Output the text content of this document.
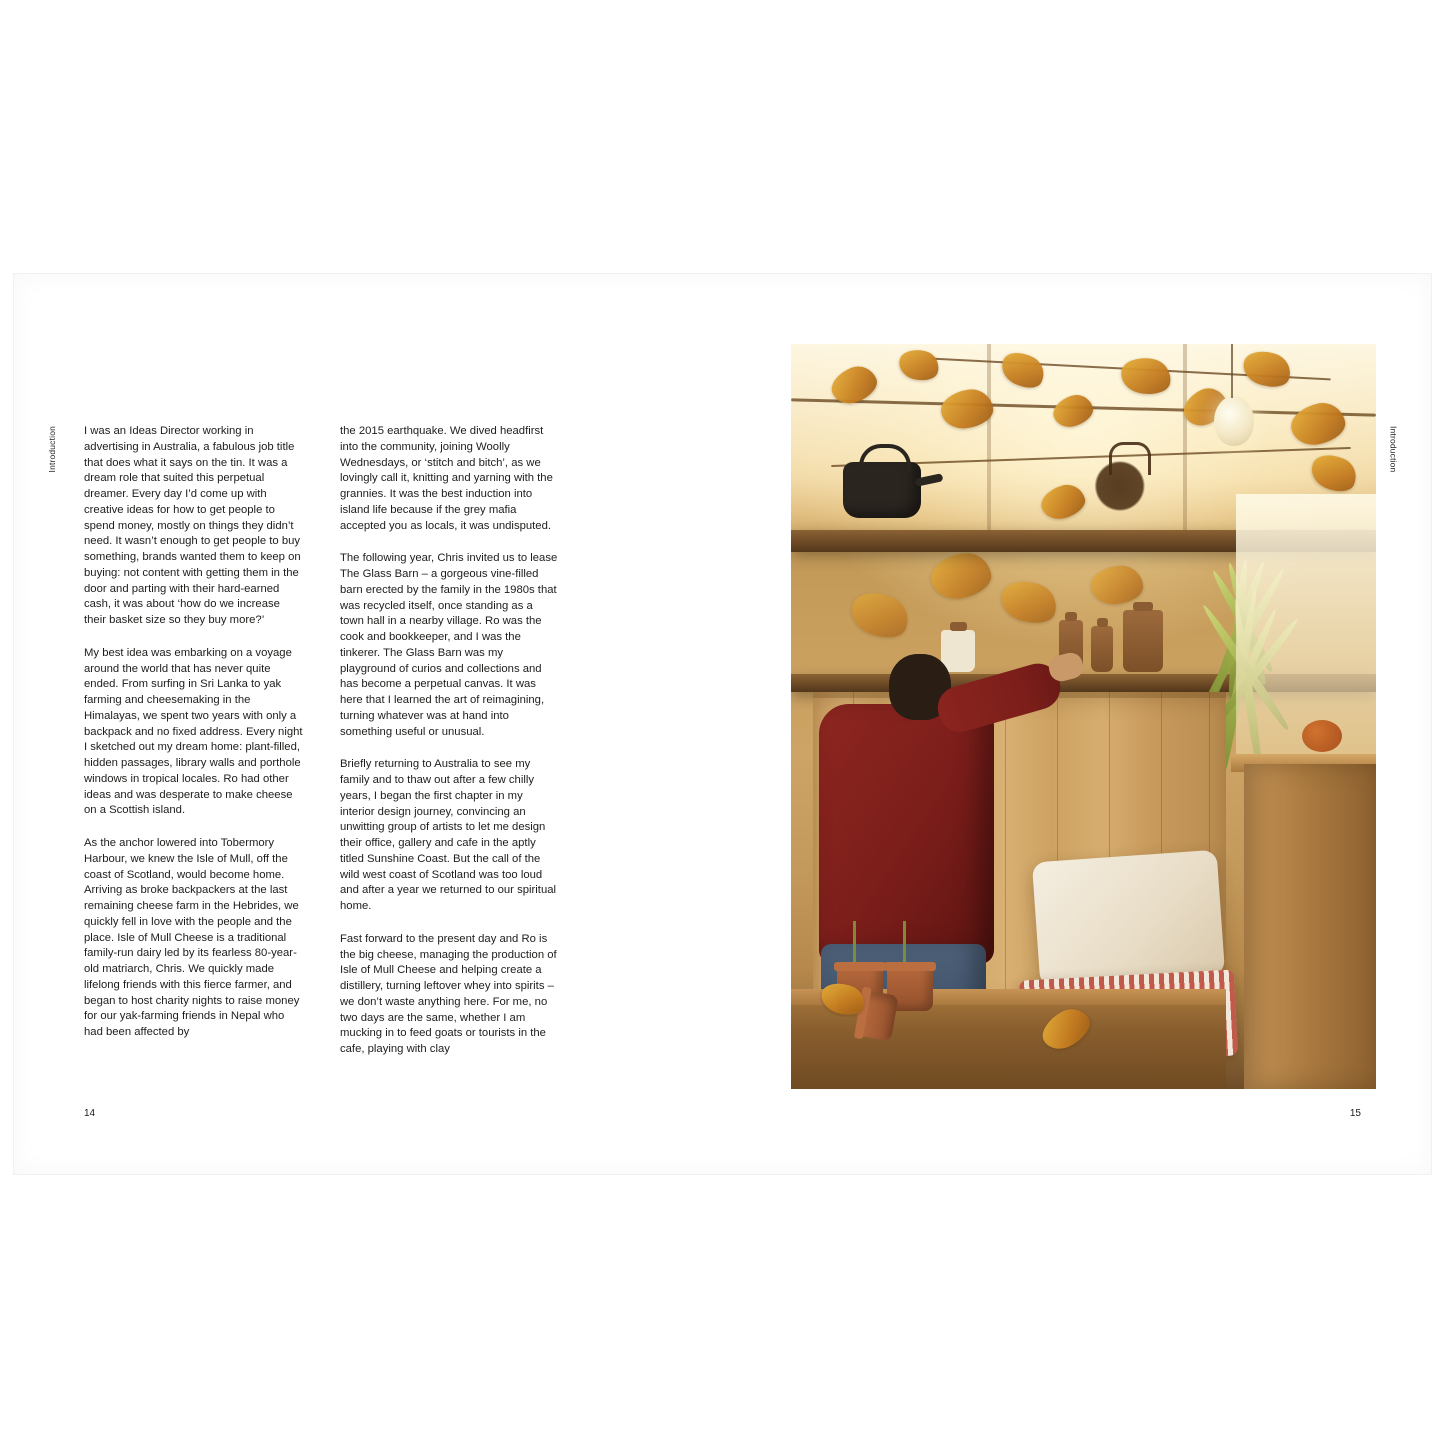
Introduction I was an Ideas Director working in advertising in Australia, a fabulous job title that does what it says on the tin. It was a dream role that suited this perpetual dreamer. Every day I’d come up with creative ideas for how to get people to spend money, mostly on things they didn’t need. It wasn’t enough to get people to buy something, brands wanted them to keep on buying: not content with getting them in the door and parting with their hard-earned cash, it was about ‘how do we increase their basket size so they buy more?’

My best idea was embarking on a voyage around the world that has never quite ended. From surfing in Sri Lanka to yak farming and cheesemaking in the Himalayas, we spent two years with only a backpack and no fixed address. Every night I sketched out my dream home: plant-filled, hidden passages, library walls and porthole windows in tropical locales. Ro had other ideas and was desperate to make cheese on a Scottish island.

As the anchor lowered into Tobermory Harbour, we knew the Isle of Mull, off the coast of Scotland, would become home. Arriving as broke backpackers at the last remaining cheese farm in the Hebrides, we quickly fell in love with the people and the place. Isle of Mull Cheese is a traditional family-run dairy led by its fearless 80-year-old matriarch, Chris. We quickly made lifelong friends with this fierce farmer, and began to host charity nights to raise money for our yak-farming friends in Nepal who had been affected by

the 2015 earthquake. We dived headfirst into the community, joining Woolly Wednesdays, or ‘stitch and bitch’, as we lovingly call it, knitting and yarning with the grannies. It was the best induction into island life because if the grey mafia accepted you as locals, it was undisputed.

The following year, Chris invited us to lease The Glass Barn – a gorgeous vine-filled barn erected by the family in the 1980s that was recycled itself, once standing as a town hall in a nearby village. Ro was the cook and bookkeeper, and I was the tinkerer. The Glass Barn was my playground of curios and collections and has become a perpetual canvas. It was here that I learned the art of reimagining, turning whatever was at hand into something useful or unusual.

Briefly returning to Australia to see my family and to thaw out after a few chilly years, I began the first chapter in my interior design journey, convincing an unwitting group of artists to let me design their office, gallery and cafe in the aptly titled Sunshine Coast. But the call of the wild west coast of Scotland was too loud and after a year we returned to our spiritual home.

Fast forward to the present day and Ro is the big cheese, managing the production of Isle of Mull Cheese and helping create a distillery, turning leftover whey into spirits – we don’t waste anything here. For me, no two days are the same, whether I am mucking in to feed goats or tourists in the cafe, playing with clay

14
Introduction
15
